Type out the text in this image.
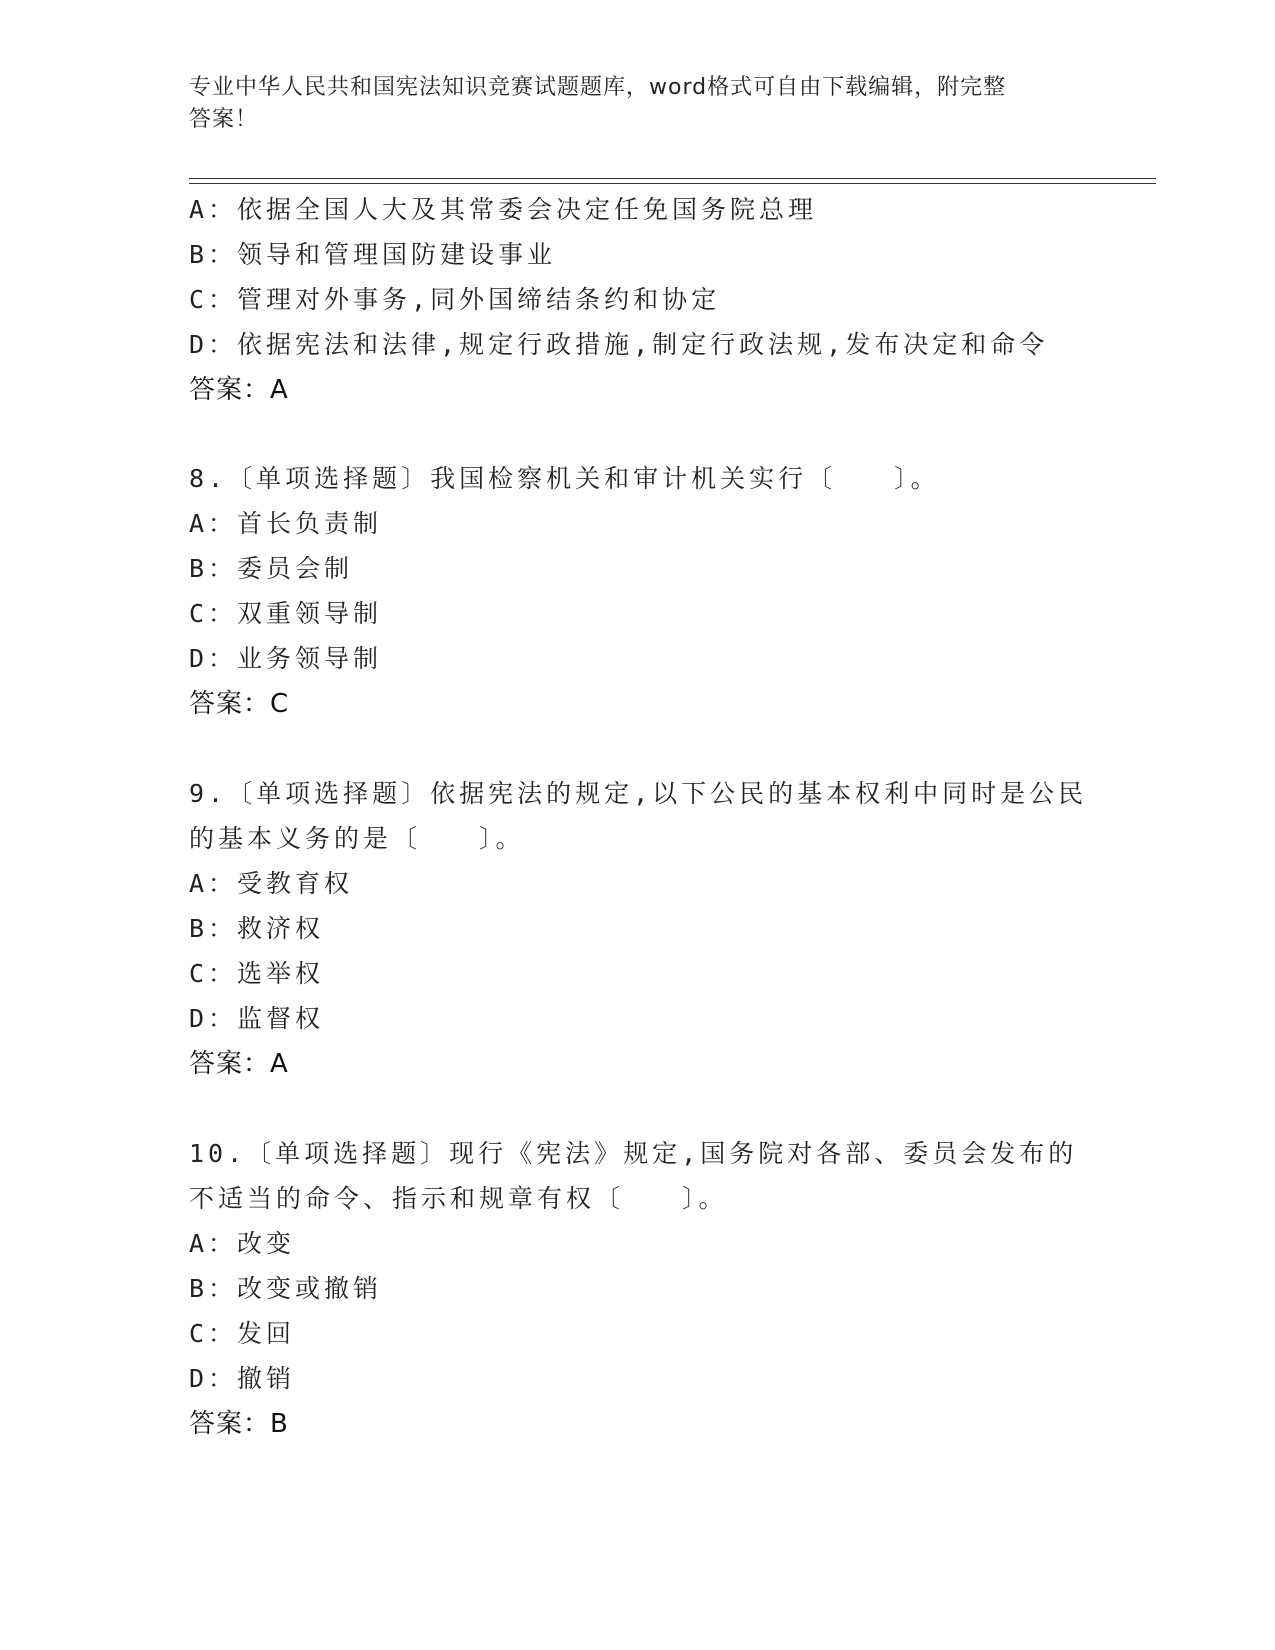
专业中华人民共和国宪法知识竞赛试题题库，word格式可自由下载编辑，附完整
答案！
A：依据全国人大及其常委会决定任免国务院总理
B：领导和管理国防建设事业
C：管理对外事务,同外国缔结条约和协定
D：依据宪法和法律,规定行政措施,制定行政法规,发布决定和命令
答案：A
8.〔单项选择题〕我国检察机关和审计机关实行〔　　〕。
A：首长负责制
B：委员会制
C：双重领导制
D：业务领导制
答案：C
9.〔单项选择题〕依据宪法的规定,以下公民的基本权利中同时是公民
的基本义务的是〔　　〕。
A：受教育权
B：救济权
C：选举权
D：监督权
答案：A
10.〔单项选择题〕现行《宪法》规定,国务院对各部、委员会发布的
不适当的命令、指示和规章有权〔　　〕。
A：改变
B：改变或撤销
C：发回
D：撤销
答案：B
